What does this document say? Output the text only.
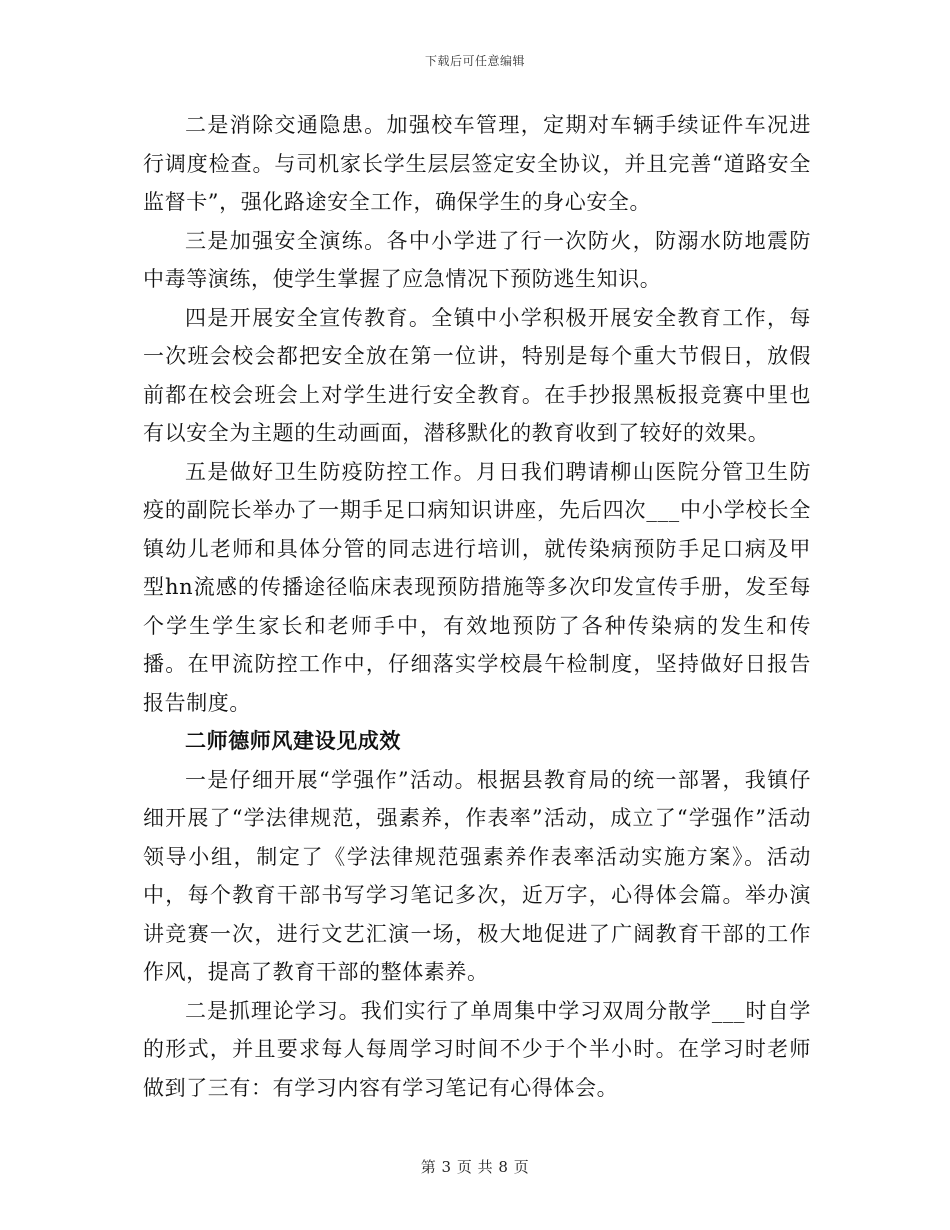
下载后可任意编辑

二是消除交通隐患。加强校车管理，定期对车辆手续证件车况进行调度检查。与司机家长学生层层签定安全协议，并且完善“道路安全监督卡”，强化路途安全工作，确保学生的身心安全。

三是加强安全演练。各中小学进了行一次防火，防溺水防地震防中毒等演练，使学生掌握了应急情况下预防逃生知识。

四是开展安全宣传教育。全镇中小学积极开展安全教育工作，每一次班会校会都把安全放在第一位讲，特别是每个重大节假日，放假前都在校会班会上对学生进行安全教育。在手抄报黑板报竞赛中里也有以安全为主题的生动画面，潜移默化的教育收到了较好的效果。

五是做好卫生防疫防控工作。月日我们聘请柳山医院分管卫生防疫的副院长举办了一期手足口病知识讲座，先后四次___中小学校长全镇幼儿老师和具体分管的同志进行培训，就传染病预防手足口病及甲型hn流感的传播途径临床表现预防措施等多次印发宣传手册，发至每个学生学生家长和老师手中，有效地预防了各种传染病的发生和传播。在甲流防控工作中，仔细落实学校晨午检制度，坚持做好日报告报告制度。

二师德师风建设见成效

一是仔细开展“学强作”活动。根据县教育局的统一部署，我镇仔细开展了“学法律规范，强素养，作表率”活动，成立了“学强作”活动领导小组，制定了《学法律规范强素养作表率活动实施方案》。活动中，每个教育干部书写学习笔记多次，近万字，心得体会篇。举办演讲竞赛一次，进行文艺汇演一场，极大地促进了广阔教育干部的工作作风，提高了教育干部的整体素养。

二是抓理论学习。我们实行了单周集中学习双周分散学___时自学的形式，并且要求每人每周学习时间不少于个半小时。在学习时老师做到了三有：有学习内容有学习笔记有心得体会。

第 3 页 共 8 页
